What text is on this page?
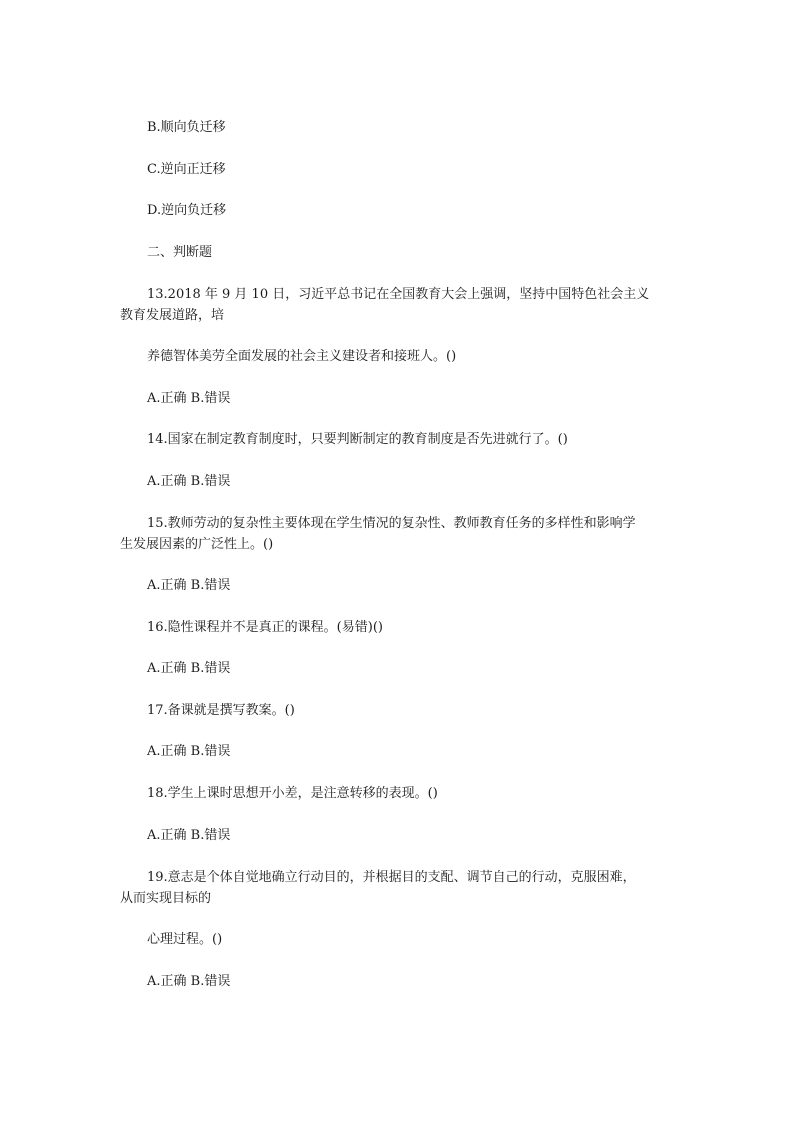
B.顺向负迁移
C.逆向正迁移
D.逆向负迁移
二、判断题
13.2018 年 9 月 10 日，习近平总书记在全国教育大会上强调，坚持中国特色社会主义
教育发展道路，培
养德智体美劳全面发展的社会主义建设者和接班人。()
A.正确 B.错误
14.国家在制定教育制度时，只要判断制定的教育制度是否先进就行了。()
A.正确 B.错误
15.教师劳动的复杂性主要体现在学生情况的复杂性、教师教育任务的多样性和影响学
生发展因素的广泛性上。()
A.正确 B.错误
16.隐性课程并不是真正的课程。(易错)()
A.正确 B.错误
17.备课就是撰写教案。()
A.正确 B.错误
18.学生上课时思想开小差，是注意转移的表现。()
A.正确 B.错误
19.意志是个体自觉地确立行动目的，并根据目的支配、调节自己的行动，克服困难，
从而实现目标的
心理过程。()
A.正确 B.错误
